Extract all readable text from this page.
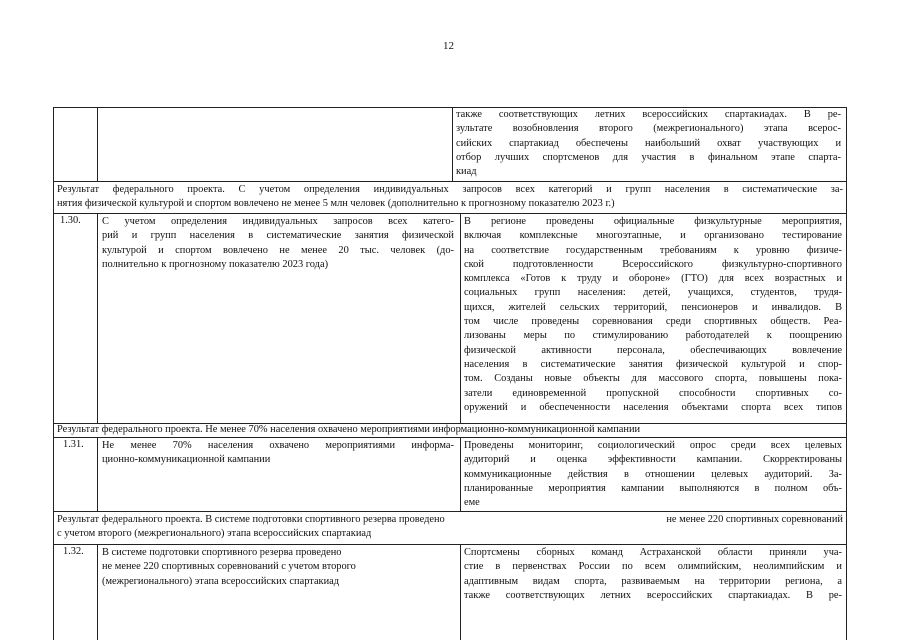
12
также соответствующих летних всероссийских спартакиадах. В ре-
зультате возобновления второго (межрегионального) этапа всерос-
сийских спартакиад обеспечены наибольший охват участвующих и
отбор лучших спортсменов для участия в финальном этапе спарта-
киад
Результат федерального проекта. С учетом определения индивидуальных запросов всех категорий и групп населения в систематические за-
нятия физической культурой и спортом вовлечено не менее 5 млн человек (дополнительно к прогнозному показателю 2023 г.)
1.30. С учетом определения индивидуальных запросов всех катего-
рий и групп населения в систематические занятия физической
культурой и спортом вовлечено не менее 20 тыс. человек (до-
полнительно к прогнозному показателю 2023 года)
В регионе проведены официальные физкультурные мероприятия,
включая комплексные многоэтапные, и организовано тестирование
на соответствие государственным требованиям к уровню физиче-
ской подготовленности Всероссийского физкультурно-спортивного
комплекса «Готов к труду и обороне» (ГТО) для всех возрастных и
социальных групп населения: детей, учащихся, студентов, трудя-
щихся, жителей сельских территорий, пенсионеров и инвалидов. В
том числе проведены соревнования среди спортивных обществ. Реа-
лизованы меры по стимулированию работодателей к поощрению
физической активности персонала, обеспечивающих вовлечение
населения в систематические занятия физической культурой и спор-
том. Созданы новые объекты для массового спорта, повышены пока-
затели единовременной пропускной способности спортивных со-
оружений и обеспеченности населения объектами спорта всех типов
Результат федерального проекта. Не менее 70% населения охвачено мероприятиями информационно-коммуникационной кампании
1.31. Не менее 70% населения охвачено мероприятиями информа-
ционно-коммуникационной кампании
Проведены мониторинг, социологический опрос среди всех целевых
аудиторий и оценка эффективности кампании. Скорректированы
коммуникационные действия в отношении целевых аудиторий. За-
планированные мероприятия кампании выполняются в полном объ-
еме
Результат федерального проекта. В системе подготовки спортивного резерва проведено	не менее 220 спортивных соревнований
с учетом второго (межрегионального) этапа всероссийских спартакиад
1.32. В системе подготовки спортивного резерва проведено
не менее 220 спортивных соревнований с учетом второго
(межрегионального) этапа всероссийских спартакиад
Спортсмены сборных команд Астраханской области приняли уча-
стие в первенствах России по всем олимпийским, неолимпийским и
адаптивным видам спорта, развиваемым на территории региона, а
также соответствующих летних всероссийских спартакиадах. В ре-
